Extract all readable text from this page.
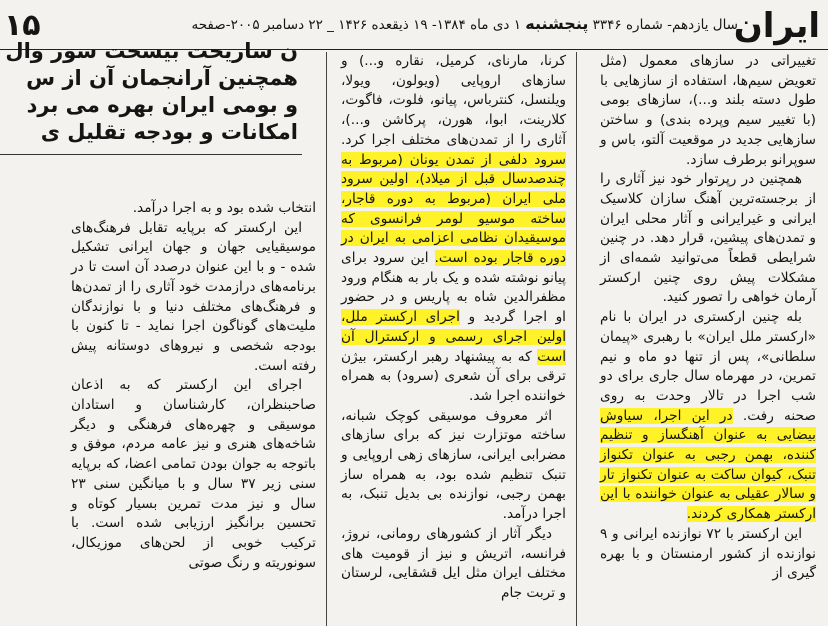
ایران
سال یازدهم- شماره ۳۳۴۶ پنجشنبه ۱ دی ماه ۱۳۸۴- ۱۹ ذیقعده ۱۴۲۶ _ ۲۲ دسامبر ۲۰۰۵-صفحه
۱۵

تغییراتی در سازهای معمول (مثل تعویض سیم‌ها، استفاده از سازهایی با طول دسته بلند و...)، سازهای بومی (با تغییر سیم وپرده بندی) و ساختن سازهایی جدید در موقعیت آلتو، باس و سوپرانو برطرف سازد.

همچنین در رپرتوار خود نیز آثاری را از برجسته‌ترین آهنگ سازان کلاسیک ایرانی و غیرایرانی و آثار محلی ایران و تمدن‌های پیشین، قرار دهد. در چنین شرایطی قطعاً می‌توانید شمه‌ای از مشکلات پیش روی چنین ارکستر آرمان خواهی را تصور کنید.

بله چنین ارکستری در ایران با نام «ارکستر ملل ایران» با رهبری «پیمان سلطانی»، پس از تنها دو ماه و نیم تمرین، در مهرماه سال جاری برای دو شب اجرا در تالار وحدت به روی صحنه رفت. در این اجرا، سیاوش بیضایی به عنوان آهنگساز و تنظیم کننده، بهمن رجبی به عنوان تکنواز تنبک، کیوان ساکت به عنوان تکنواز تار و سالار عقیلی به عنوان خواننده با این ارکستر همکاری کردند.

این ارکستر با ۷۲ نوازنده ایرانی و ۹ نوازنده از کشور ارمنستان و با بهره گیری از

کرنا، مارنای، کرمیل، نقاره و...) و سازهای اروپایی (ویولون، ویولا، ویلنسل، کنترباس، پیانو، فلوت، فاگوت، کلارینت، ابوا، هورن، پرکاشن و...)، آثاری را از تمدن‌های مختلف اجرا کرد. سرود دلفی از تمدن یونان (مربوط به چندصدسال قبل از میلاد)، اولین سرود ملی ایران (مربوط به دوره قاجار، ساخته موسیو لومر فرانسوی که موسیقیدان نظامی اعزامی به ایران در دوره قاجار بوده است. این سرود برای پیانو نوشته شده و یک بار به هنگام ورود مظفرالدین شاه به پاریس و در حضور او اجرا گردید و اجرای ارکستر ملل، اولین اجرای رسمی و ارکسترال آن است که به پیشنهاد رهبر ارکستر، بیژن ترقی برای آن شعری (سرود) به همراه خواننده اجرا شد.

اثر معروف موسیقی کوچک شبانه، ساخته موتزارت نیز که برای سازهای مضرابی ایرانی، سازهای زهی اروپایی و تنبک تنظیم شده بود، به همراه ساز بهمن رجبی، نوازنده بی بدیل تنبک، به اجرا درآمد.

دیگر آثار از کشورهای رومانی، نروژ، فرانسه، اتریش و نیز از قومیت های مختلف ایران مثل ایل قشقایی، لرستان و تربت جام

ن ساريحت بيسحت سور وال
همچنین آرانجمان آن از س
و بومی ایران بهره می برد
امکانات و بودجه تقلیل ی

انتخاب شده بود و به اجرا درآمد.

این ارکستر که برپایه تقابل فرهنگ‌های موسیقیایی جهان و جهان ایرانی تشکیل شده - و با این عنوان درصدد آن است تا در برنامه‌های درازمدت خود آثاری را از تمدن‌ها و فرهنگ‌های مختلف دنیا و با نوازندگان ملیت‌های گوناگون اجرا نماید - تا کنون با بودجه شخصی و نیروهای دوستانه پیش رفته است.

اجرای این ارکستر که به اذعان صاحبنظران، کارشناسان و استادان موسیقی و چهره‌های فرهنگی و دیگر شاخه‌های هنری و نیز عامه مردم، موفق و باتوجه به جوان بودن تمامی اعضا، که برپایه سنی زیر ۳۷ سال و با میانگین سنی ۲۳ سال و نیز مدت تمرین بسیار کوتاه و تحسین برانگیز ارزیابی شده است. با ترکیب خوبی از لحن‌های موزیکال، سونوریته و رنگ صوتی
